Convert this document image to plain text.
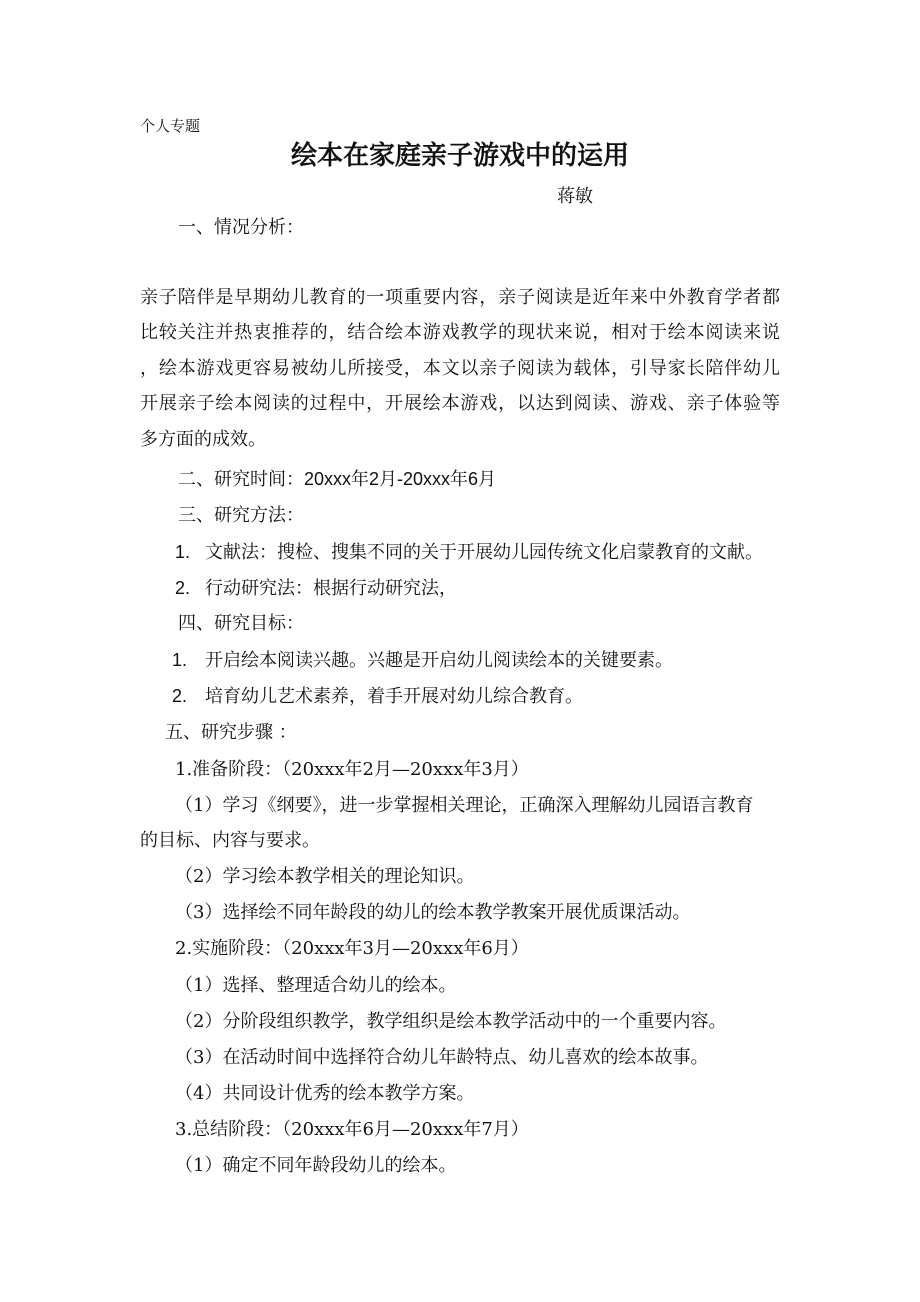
个人专题
绘本在家庭亲子游戏中的运用
蒋敏
一、情况分析：
亲子陪伴是早期幼儿教育的一项重要内容，亲子阅读是近年来中外教育学者都
比较关注并热衷推荐的，结合绘本游戏教学的现状来说，相对于绘本阅读来说
，绘本游戏更容易被幼儿所接受，本文以亲子阅读为载体，引导家长陪伴幼儿
开展亲子绘本阅读的过程中，开展绘本游戏，以达到阅读、游戏、亲子体验等
多方面的成效。
二、研究时间：20xxx年2月-20xxx年6月
三、研究方法：
1. 文献法：搜检、搜集不同的关于开展幼儿园传统文化启蒙教育的文献。
2. 行动研究法：根据行动研究法，
四、研究目标：
1. 开启绘本阅读兴趣。兴趣是开启幼儿阅读绘本的关键要素。
2. 培育幼儿艺术素养，着手开展对幼儿综合教育。
五、研究步骤 ：
1.准备阶段：（20xxx年2月—20xxx年3月）
（1）学习《纲要》，进一步掌握相关理论，正确深入理解幼儿园语言教育
的目标、内容与要求。
（2）学习绘本教学相关的理论知识。
（3）选择绘不同年龄段的幼儿的绘本教学教案开展优质课活动。
2.实施阶段：（20xxx年3月—20xxx年6月）
（1）选择、整理适合幼儿的绘本。
（2）分阶段组织教学，教学组织是绘本教学活动中的一个重要内容。
（3）在活动时间中选择符合幼儿年龄特点、幼儿喜欢的绘本故事。
（4）共同设计优秀的绘本教学方案。
3.总结阶段：（20xxx年6月—20xxx年7月）
（1）确定不同年龄段幼儿的绘本。
